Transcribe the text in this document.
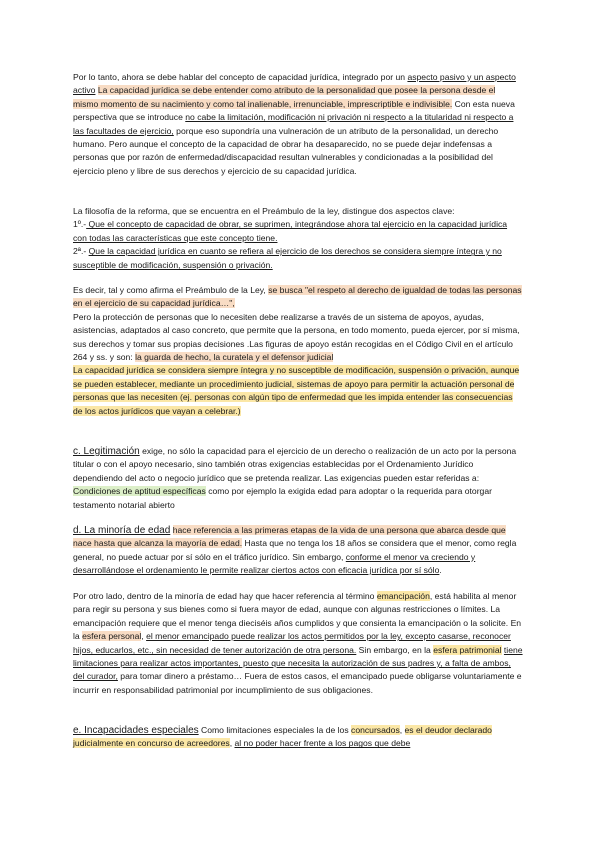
Por lo tanto, ahora se debe hablar del concepto de capacidad jurídica, integrado por un aspecto pasivo y un aspecto activo La capacidad jurídica se debe entender como atributo de la personalidad que posee la persona desde el mismo momento de su nacimiento y como tal inalienable, irrenunciable, imprescriptible e indivisible. Con esta nueva perspectiva que se introduce no cabe la limitación, modificación ni privación ni respecto a la titularidad ni respecto a las facultades de ejercicio, porque eso supondría una vulneración de un atributo de la personalidad, un derecho humano. Pero aunque el concepto de la capacidad de obrar ha desaparecido, no se puede dejar indefensas a personas que por razón de enfermedad/discapacidad resultan vulnerables y condicionadas a la posibilidad del ejercicio pleno y libre de sus derechos y ejercicio de su capacidad jurídica.

La filosofía de la reforma, que se encuentra en el Preámbulo de la ley, distingue dos aspectos clave:
1º.- Que el concepto de capacidad de obrar, se suprimen, integrándose ahora tal ejercicio en la capacidad jurídica con todas las características que este concepto tiene.
2ª.- Que la capacidad jurídica en cuanto se refiera al ejercicio de los derechos se considera siempre íntegra y no susceptible de modificación, suspensión o privación.

Es decir, tal y como afirma el Preámbulo de la Ley, se busca "el respeto al derecho de igualdad de todas las personas en el ejercicio de su capacidad jurídica…",
Pero la protección de personas que lo necesiten debe realizarse a través de un sistema de apoyos, ayudas, asistencias, adaptados al caso concreto, que permite que la persona, en todo momento, pueda ejercer, por sí misma, sus derechos y tomar sus propias decisiones .Las figuras de apoyo están recogidas en el Código Civil en el artículo 264 y ss. y son: la guarda de hecho, la curatela y el defensor judicial
La capacidad jurídica se considera siempre íntegra y no susceptible de modificación, suspensión o privación, aunque se pueden establecer, mediante un procedimiento judicial, sistemas de apoyo para permitir la actuación personal de personas que las necesiten (ej. personas con algún tipo de enfermedad que les impida entender las consecuencias de los actos jurídicos que vayan a celebrar.)

c. Legitimación exige, no sólo la capacidad para el ejercicio de un derecho o realización de un acto por la persona titular o con el apoyo necesario, sino también otras exigencias establecidas por el Ordenamiento Jurídico dependiendo del acto o negocio jurídico que se pretenda realizar. Las exigencias pueden estar referidas a: Condiciones de aptitud específicas como por ejemplo la exigida edad para adoptar o la requerida para otorgar testamento notarial abierto

d. La minoría de edad hace referencia a las primeras etapas de la vida de una persona que abarca desde que nace hasta que alcanza la mayoría de edad. Hasta que no tenga los 18 años se considera que el menor, como regla general, no puede actuar por sí sólo en el tráfico jurídico. Sin embargo, conforme el menor va creciendo y desarrollándose el ordenamiento le permite realizar ciertos actos con eficacia jurídica por sí sólo.

Por otro lado, dentro de la minoría de edad hay que hacer referencia al término emancipación, está habilita al menor para regir su persona y sus bienes como si fuera mayor de edad, aunque con algunas restricciones o límites. La emancipación requiere que el menor tenga dieciséis años cumplidos y que consienta la emancipación o la solicite. En la esfera personal, el menor emancipado puede realizar los actos permitidos por la ley, excepto casarse, reconocer hijos, educarlos, etc., sin necesidad de tener autorización de otra persona. Sin embargo, en la esfera patrimonial tiene limitaciones para realizar actos importantes, puesto que necesita la autorización de sus padres y, a falta de ambos, del curador, para tomar dinero a préstamo… Fuera de estos casos, el emancipado puede obligarse voluntariamente e incurrir en responsabilidad patrimonial por incumplimiento de sus obligaciones.

e. Incapacidades especiales Como limitaciones especiales la de los concursados, es el deudor declarado judicialmente en concurso de acreedores, al no poder hacer frente a los pagos que debe
